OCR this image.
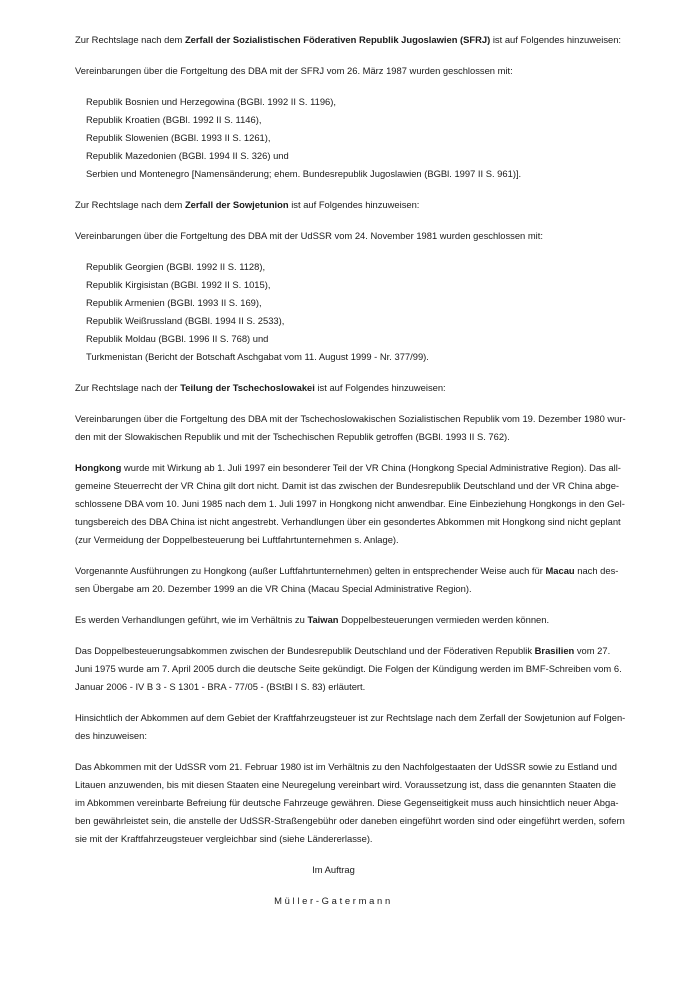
Zur Rechtslage nach dem Zerfall der Sozialistischen Föderativen Republik Jugoslawien (SFRJ) ist auf Folgendes hinzuweisen:

Vereinbarungen über die Fortgeltung des DBA mit der SFRJ vom 26. März 1987 wurden geschlossen mit:

Republik Bosnien und Herzegowina (BGBl. 1992 II S. 1196),
Republik Kroatien (BGBl. 1992 II S. 1146),
Republik Slowenien (BGBl. 1993 II S. 1261),
Republik Mazedonien (BGBl. 1994 II S. 326) und
Serbien und Montenegro [Namensänderung; ehem. Bundesrepublik Jugoslawien (BGBl. 1997 II S. 961)].

Zur Rechtslage nach dem Zerfall der Sowjetunion ist auf Folgendes hinzuweisen:

Vereinbarungen über die Fortgeltung des DBA mit der UdSSR vom 24. November 1981 wurden geschlossen mit:

Republik Georgien (BGBl. 1992 II S. 1128),
Republik Kirgisistan (BGBl. 1992 II S. 1015),
Republik Armenien (BGBl. 1993 II S. 169),
Republik Weißrussland (BGBl. 1994 II S. 2533),
Republik Moldau (BGBl. 1996 II S. 768) und
Turkmenistan (Bericht der Botschaft Aschgabat vom 11. August 1999 - Nr. 377/99).

Zur Rechtslage nach der Teilung der Tschechoslowakei ist auf Folgendes hinzuweisen:

Vereinbarungen über die Fortgeltung des DBA mit der Tschechoslowakischen Sozialistischen Republik vom 19. Dezember 1980 wur-
den mit der Slowakischen Republik und mit der Tschechischen Republik getroffen (BGBl. 1993 II S. 762).

Hongkong wurde mit Wirkung ab 1. Juli 1997 ein besonderer Teil der VR China (Hongkong Special Administrative Region). Das all-
gemeine Steuerrecht der VR China gilt dort nicht. Damit ist das zwischen der Bundesrepublik Deutschland und der VR China abge-
schlossene DBA vom 10. Juni 1985 nach dem 1. Juli 1997 in Hongkong nicht anwendbar. Eine Einbeziehung Hongkongs in den Gel-
tungsbereich des DBA China ist nicht angestrebt. Verhandlungen über ein gesondertes Abkommen mit Hongkong sind nicht geplant
(zur Vermeidung der Doppelbesteuerung bei Luftfahrtunternehmen s. Anlage).

Vorgenannte Ausführungen zu Hongkong (außer Luftfahrtunternehmen) gelten in entsprechender Weise auch für Macau nach des-
sen Übergabe am 20. Dezember 1999 an die VR China (Macau Special Administrative Region).

Es werden Verhandlungen geführt, wie im Verhältnis zu Taiwan Doppelbesteuerungen vermieden werden können.

Das Doppelbesteuerungsabkommen zwischen der Bundesrepublik Deutschland und der Föderativen Republik Brasilien vom 27.
Juni 1975 wurde am 7. April 2005 durch die deutsche Seite gekündigt. Die Folgen der Kündigung werden im BMF-Schreiben vom 6.
Januar 2006 - IV B 3 - S 1301 - BRA - 77/05 - (BStBl I S. 83) erläutert.

Hinsichtlich der Abkommen auf dem Gebiet der Kraftfahrzeugsteuer ist zur Rechtslage nach dem Zerfall der Sowjetunion auf Folgen-
des hinzuweisen:

Das Abkommen mit der UdSSR vom 21. Februar 1980 ist im Verhältnis zu den Nachfolgestaaten der UdSSR sowie zu Estland und
Litauen anzuwenden, bis mit diesen Staaten eine Neuregelung vereinbart wird. Voraussetzung ist, dass die genannten Staaten die
im Abkommen vereinbarte Befreiung für deutsche Fahrzeuge gewähren. Diese Gegenseitigkeit muss auch hinsichtlich neuer Abga-
ben gewährleistet sein, die anstelle der UdSSR-Straßengebühr oder daneben eingeführt worden sind oder eingeführt werden, sofern
sie mit der Kraftfahrzeugsteuer vergleichbar sind (siehe Ländererlasse).

Im Auftrag

Müller-Gatermann
